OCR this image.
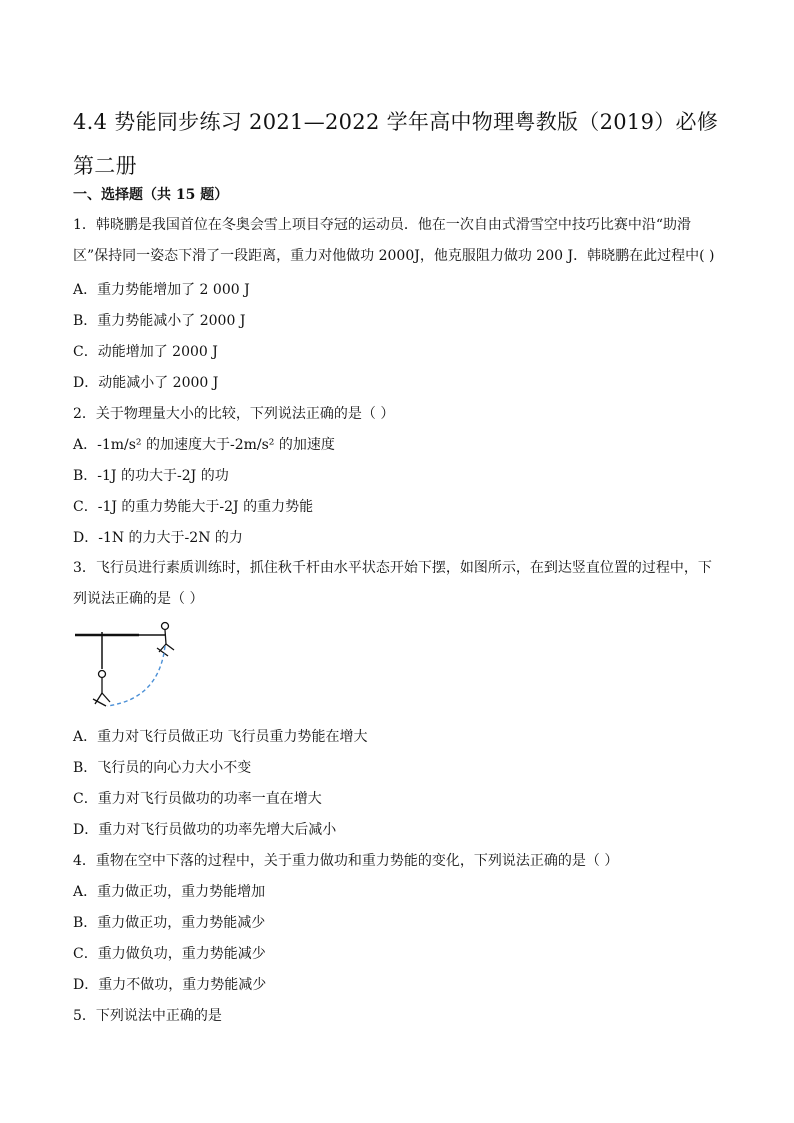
4.4 势能同步练习 2021—2022 学年高中物理粤教版（2019）必修第二册
一、选择题（共 15 题）
1．韩晓鹏是我国首位在冬奥会雪上项目夺冠的运动员．他在一次自由式滑雪空中技巧比赛中沿“助滑区”保持同一姿态下滑了一段距离，重力对他做功 2000J，他克服阻力做功 200 J．韩晓鹏在此过程中( )
A．重力势能增加了 2 000 J
B．重力势能减小了 2000 J
C．动能增加了 2000 J
D．动能减小了 2000 J
2．关于物理量大小的比较，下列说法正确的是（ ）
A．-1m/s² 的加速度大于-2m/s² 的加速度
B．-1J 的功大于-2J 的功
C．-1J 的重力势能大于-2J 的重力势能
D．-1N 的力大于-2N 的力
3．飞行员进行素质训练时，抓住秋千杆由水平状态开始下摆，如图所示，在到达竖直位置的过程中，下列说法正确的是（ ）
A．重力对飞行员做正功 飞行员重力势能在增大
B．飞行员的向心力大小不变
C．重力对飞行员做功的功率一直在增大
D．重力对飞行员做功的功率先增大后减小
4．重物在空中下落的过程中，关于重力做功和重力势能的变化，下列说法正确的是（ ）
A．重力做正功，重力势能增加
B．重力做正功，重力势能减少
C．重力做负功，重力势能减少
D．重力不做功，重力势能减少
5．下列说法中正确的是
